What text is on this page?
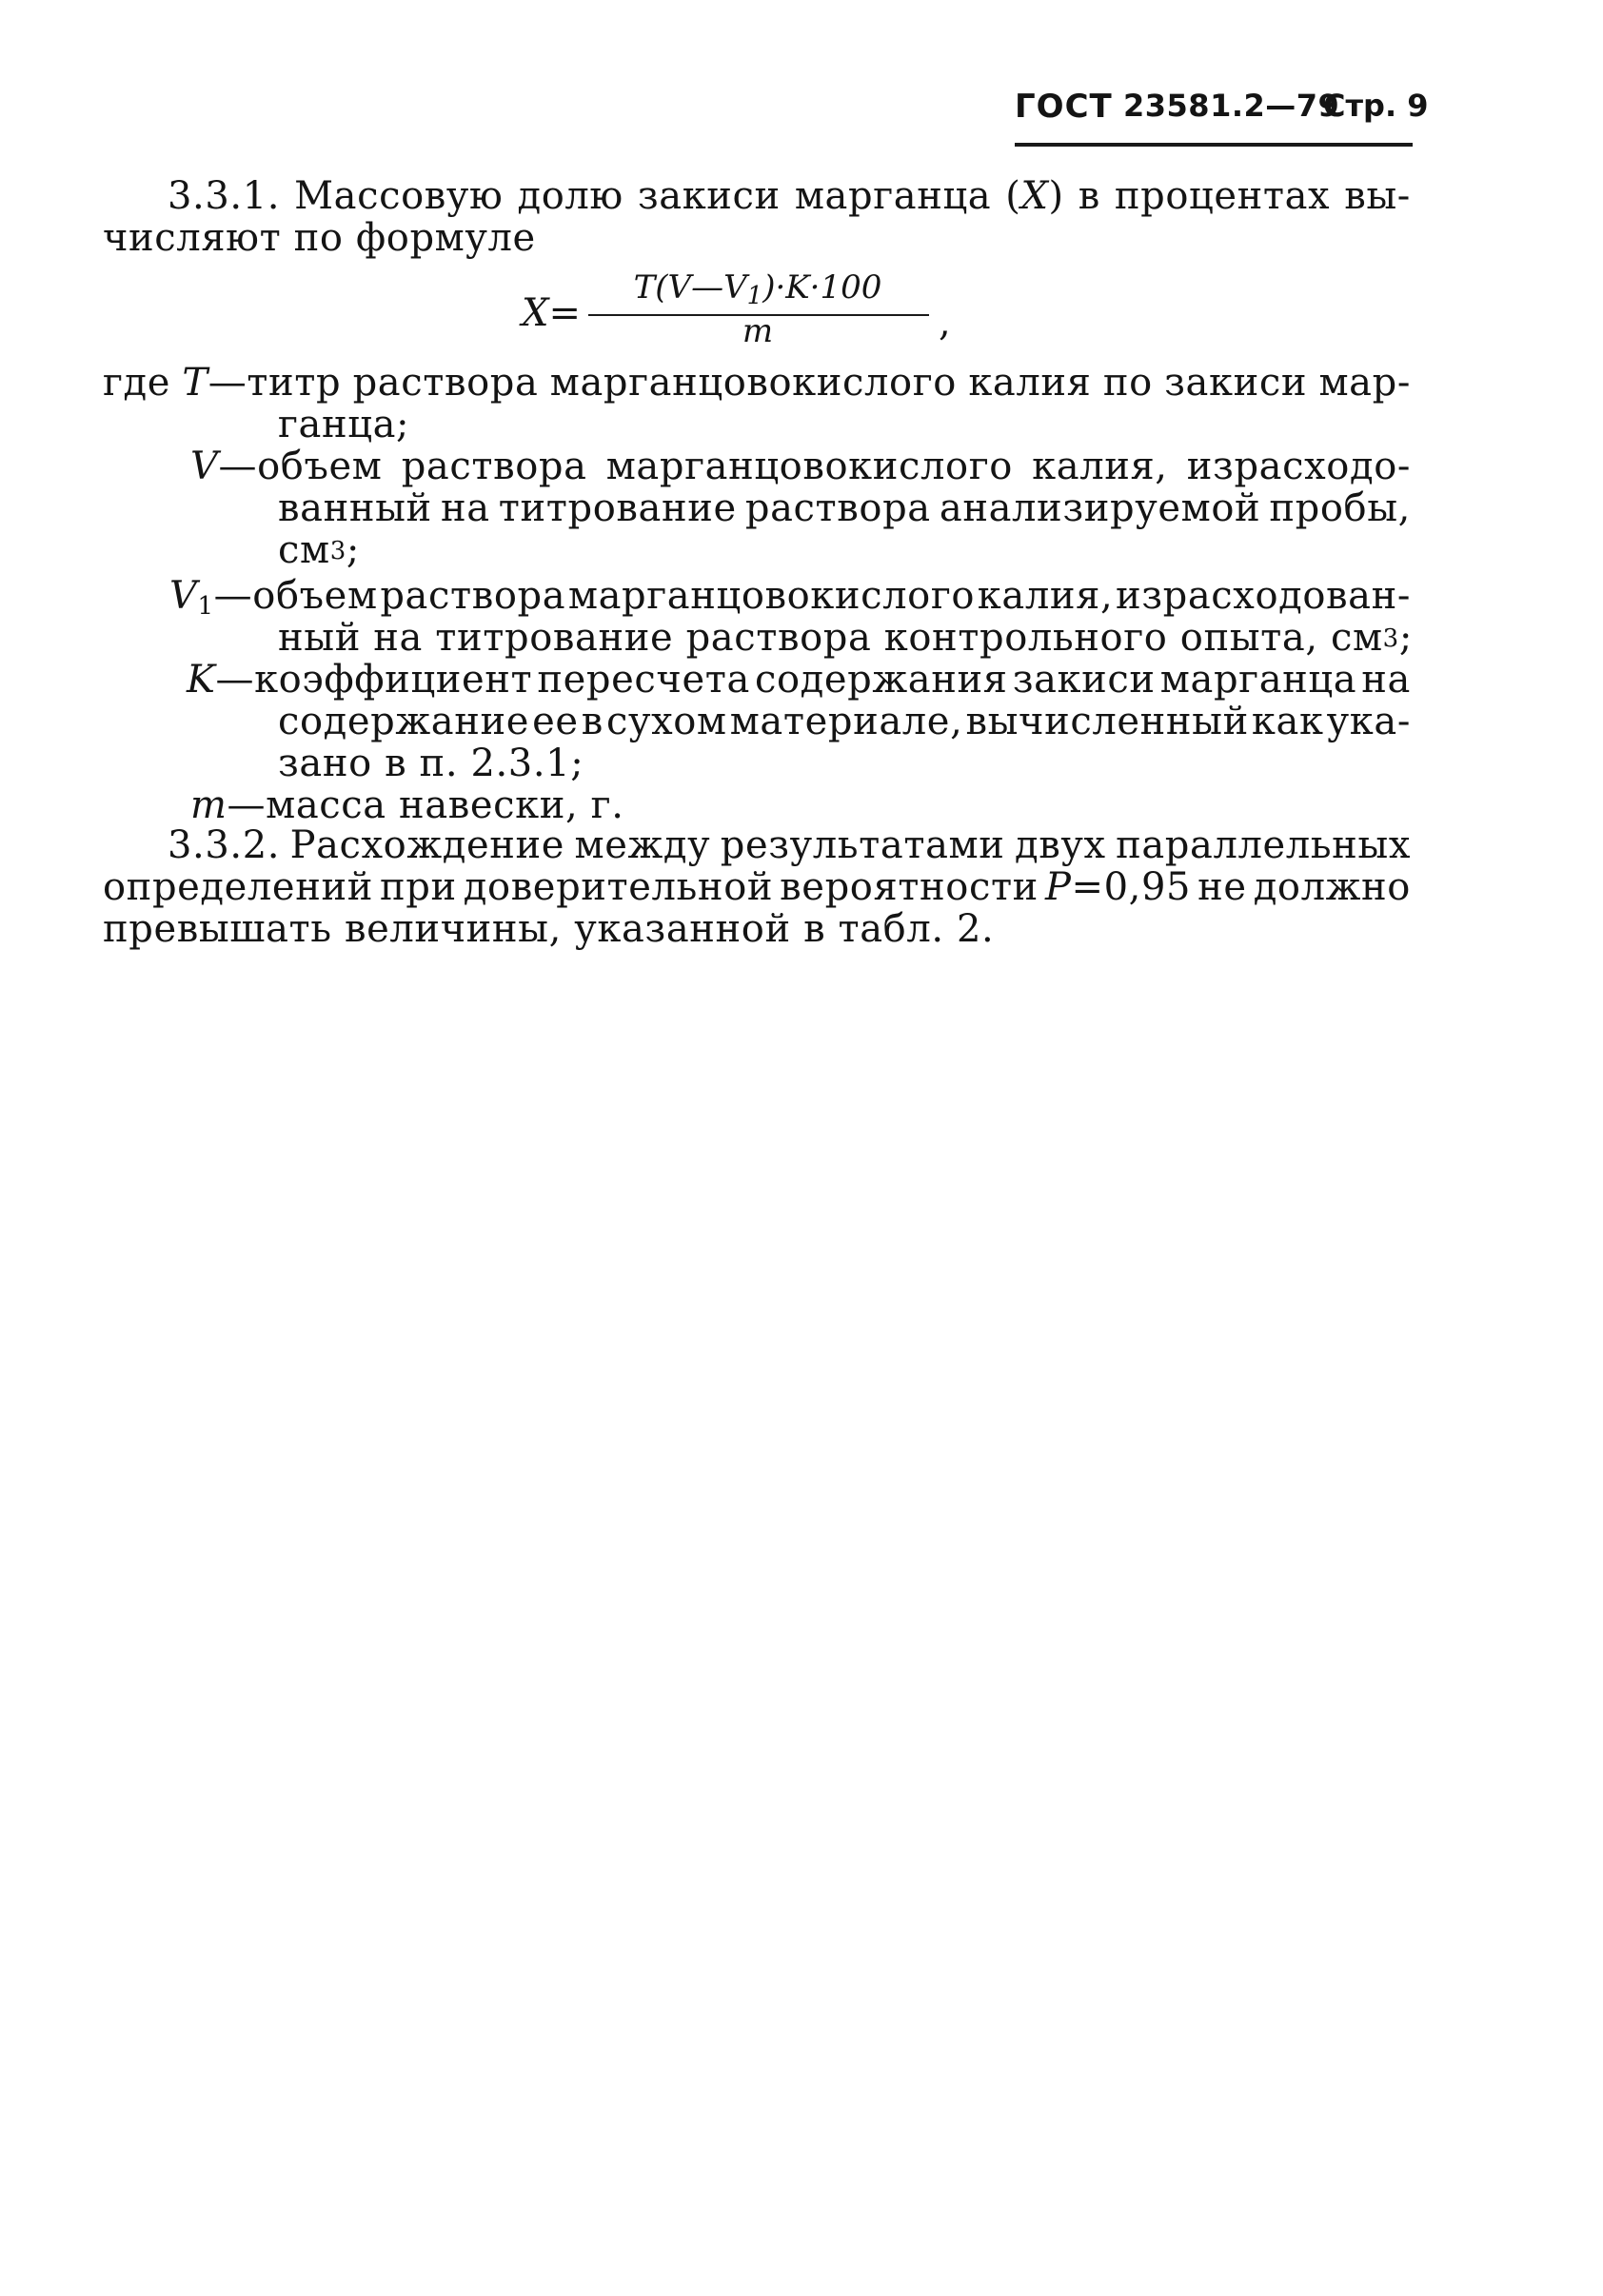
ГОСТ 23581.2—79
Стр. 9
3.3.1. Массовую долю закиси марганца (X) в процентах вы-
числяют по формуле
X=
$T(V—V_1)\cdot K\cdot 100$
m	,
где T—титр раствора марганцовокислого калия по закиси мар-
ганца;
V—объем раствора марганцовокислого калия, израсходо-
ванный на титрование раствора анализируемой пробы,
$см^3$;
$V_1—объем$ раствора марганцовокислого калия, израсходован-
ный на титрование раствора контрольного опыта, $см^3$;
K—коэффициент пересчета содержания закиси марганца на
содержание ее в сухом материале, вычисленный как ука-
зано в п. 2.3.1;
m—масса навески, г.
3.3.2. Расхождение между результатами двух параллельных
определений при доверительной вероятности P=0,95 не должно
превышать величины, указанной в табл. 2.
